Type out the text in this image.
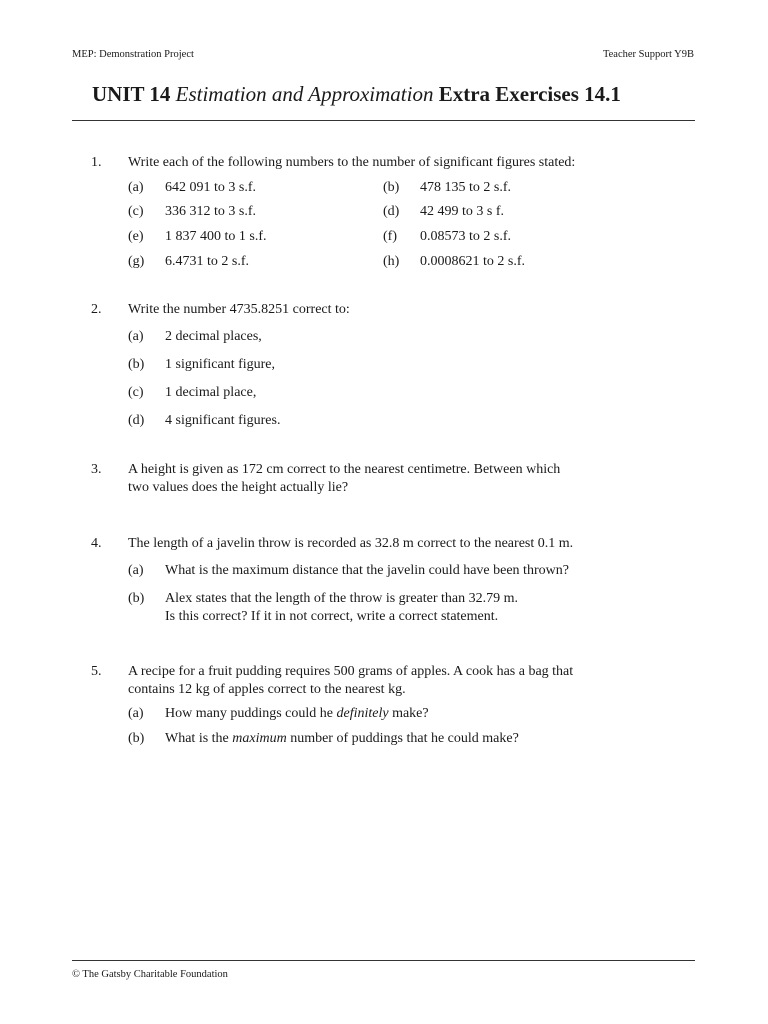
MEP: Demonstration Project	Teacher Support Y9B
UNIT 14 Estimation and Approximation Extra Exercises 14.1
1. Write each of the following numbers to the number of significant figures stated:
(a) 642 091 to 3 s.f.	(b) 478 135 to 2 s.f.
(c) 336 312 to 3 s.f.	(d) 42 499 to 3 s f.
(e) 1 837 400 to 1 s.f.	(f) 0.08573 to 2 s.f.
(g) 6.4731 to 2 s.f.	(h) 0.0008621 to 2 s.f.
2. Write the number 4735.8251 correct to:
(a) 2 decimal places,
(b) 1 significant figure,
(c) 1 decimal place,
(d) 4 significant figures.
3. A height is given as 172 cm correct to the nearest centimetre. Between which
two values does the height actually lie?
4. The length of a javelin throw is recorded as 32.8 m correct to the nearest 0.1 m.
(a) What is the maximum distance that the javelin could have been thrown?
(b) Alex states that the length of the throw is greater than 32.79 m.
Is this correct? If it in not correct, write a correct statement.
5. A recipe for a fruit pudding requires 500 grams of apples. A cook has a bag that
contains 12 kg of apples correct to the nearest kg.
(a) How many puddings could he definitely make?
(b) What is the maximum number of puddings that he could make?
© The Gatsby Charitable Foundation
